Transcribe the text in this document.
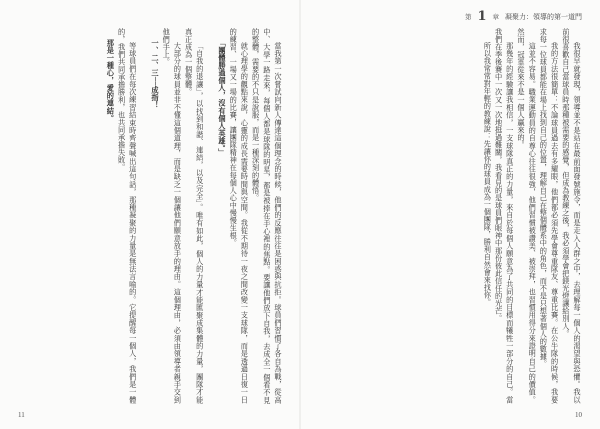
當我第一次嘗試向新人傳達這個理念的時候，他們的反應往往是困惑與抗拒。球員們習慣了各自為戰，從高中、大學一路走來，每個人都是球隊的明星，都是被捧在手心裡的焦點。要讓他們放下自我，去成全一個看不見的整體，需要的不只是說服，而是一種深刻的體悟。

就心理學的觀點來說，心靈的成長需要時間與空間。我從不期待一夜之間改變一支球隊，而是透過日復一日的練習、一場又一場的比賽，讓團隊精神在每個人心中慢慢生根。

「團體勝過個人，沒有個人英雄。」

「自我的退讓」，以找到和諧、連結，以及完全」。唯有如此，個人的力量才能匯聚成集體的力量，團隊才能真正成為一個整體。

大部分的球員並非不懂這個道理，而是缺乏一個讓他們願意放手的理由。這個理由，必須由領導者親手交到他們手上。

一、二、三──成指！

等球員們在每次練習結束時齊聲喊出這句話，那種凝聚的力量是無法言喻的。它提醒每一個人，我們是一體的，我們共同承擔勝利，也共同承擔失敗。

那是一種心，愛的連結。

11
第 1 章 凝聚力：領導的第一道門

我很早就發現，領導並不是站在最前面發號施令，而是走入人群之中，去理解每一個人的渴望與恐懼。我以前很喜歡自己當球員時那種被需要的感覺，但成為教練之後，我必須學會把鎂光燈讓給別人。

我的方法很簡單：不論球員過去有多耀眼，他們都必須先學會尊重隊友、尊重比賽。在公牛隊的時候，我要求每一位球員都能在場上找到自己的位置，理解自己在整個體系中的角色，而不是只想著個人的數據。

這並不容易。職業運動員的自尊心往往很強，他們習慣被讚美、被崇拜，也習慣用得分來證明自己的價值。然而，冠軍從來不是一個人贏來的。

那幾年的經驗讓我相信，一支球隊真正的力量，來自於每個人願意為了共同的目標而犧牲一部分的自己。當我們在季後賽中一次又一次地挺過難關，我看見的是球員們眼神中那份彼此信任的光芒。

所以我常常對年輕的教練說：先讓你的球員成為一個團隊，勝利自然會來找你。

10
